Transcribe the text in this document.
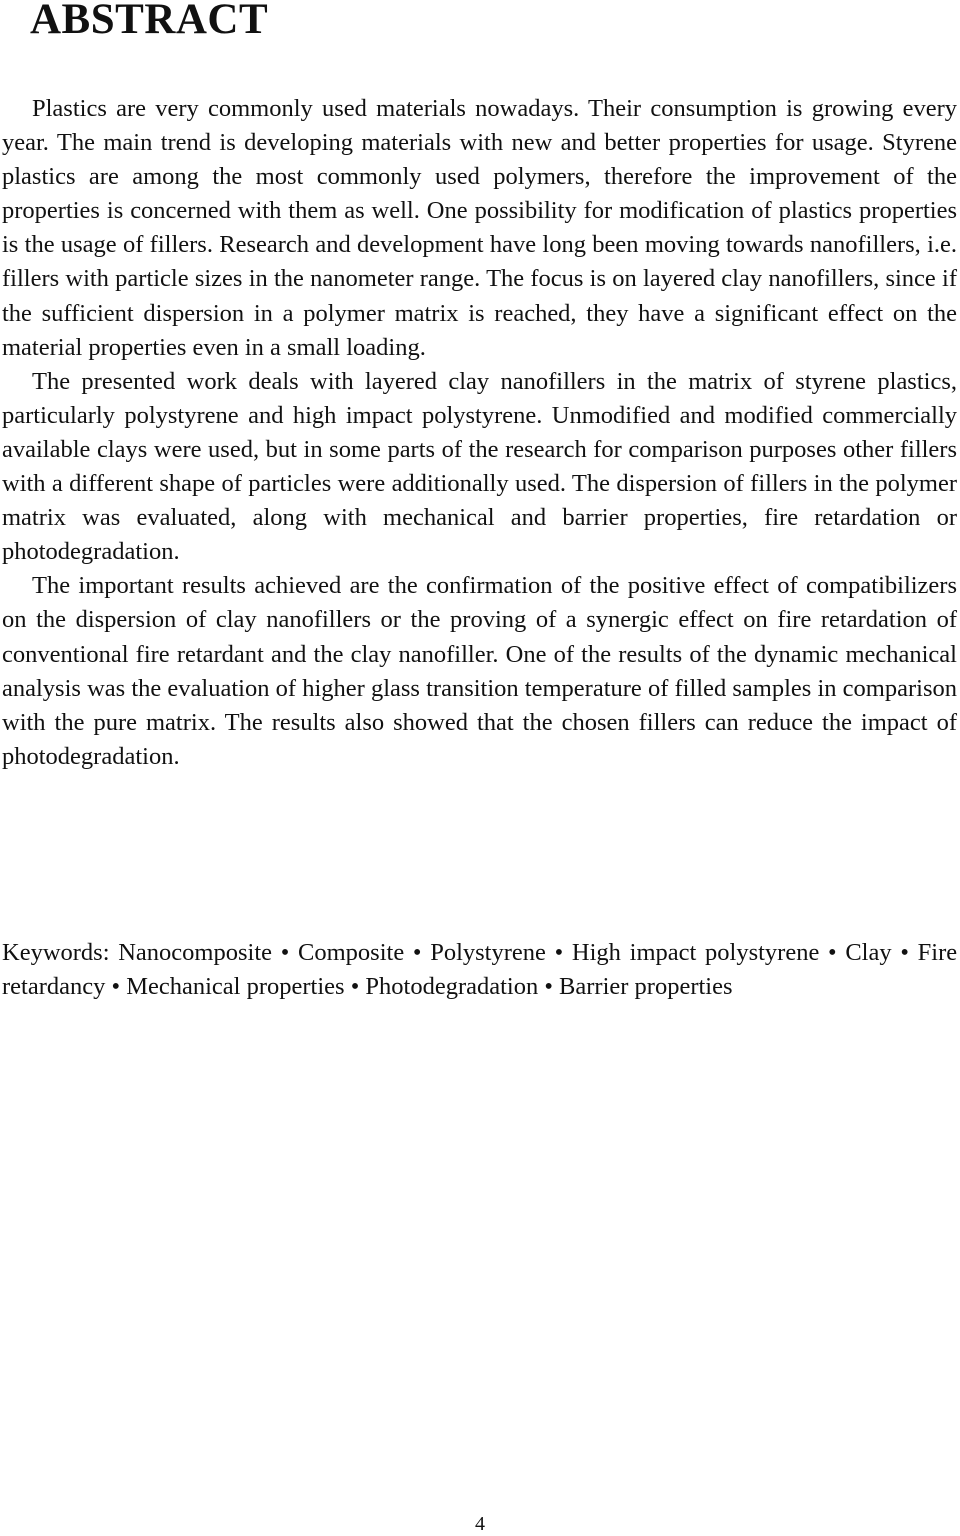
ABSTRACT

Plastics are very commonly used materials nowadays. Their consumption is growing every year. The main trend is developing materials with new and better properties for usage. Styrene plastics are among the most commonly used polymers, therefore the improvement of the properties is concerned with them as well. One possibility for modification of plastics properties is the usage of fillers. Research and development have long been moving towards nanofillers, i.e. fillers with particle sizes in the nanometer range. The focus is on layered clay nanofillers, since if the sufficient dispersion in a polymer matrix is reached, they have a significant effect on the material properties even in a small loading.

The presented work deals with layered clay nanofillers in the matrix of styrene plastics, particularly polystyrene and high impact polystyrene. Unmodified and modified commercially available clays were used, but in some parts of the research for comparison purposes other fillers with a different shape of particles were additionally used. The dispersion of fillers in the polymer matrix was evaluated, along with mechanical and barrier properties, fire retardation or photodegradation.

The important results achieved are the confirmation of the positive effect of compatibilizers on the dispersion of clay nanofillers or the proving of a synergic effect on fire retardation of conventional fire retardant and the clay nanofiller. One of the results of the dynamic mechanical analysis was the evaluation of higher glass transition temperature of filled samples in comparison with the pure matrix. The results also showed that the chosen fillers can reduce the impact of photodegradation.

Keywords: Nanocomposite • Composite • Polystyrene • High impact polystyrene • Clay • Fire retardancy • Mechanical properties • Photodegradation • Barrier properties

4
